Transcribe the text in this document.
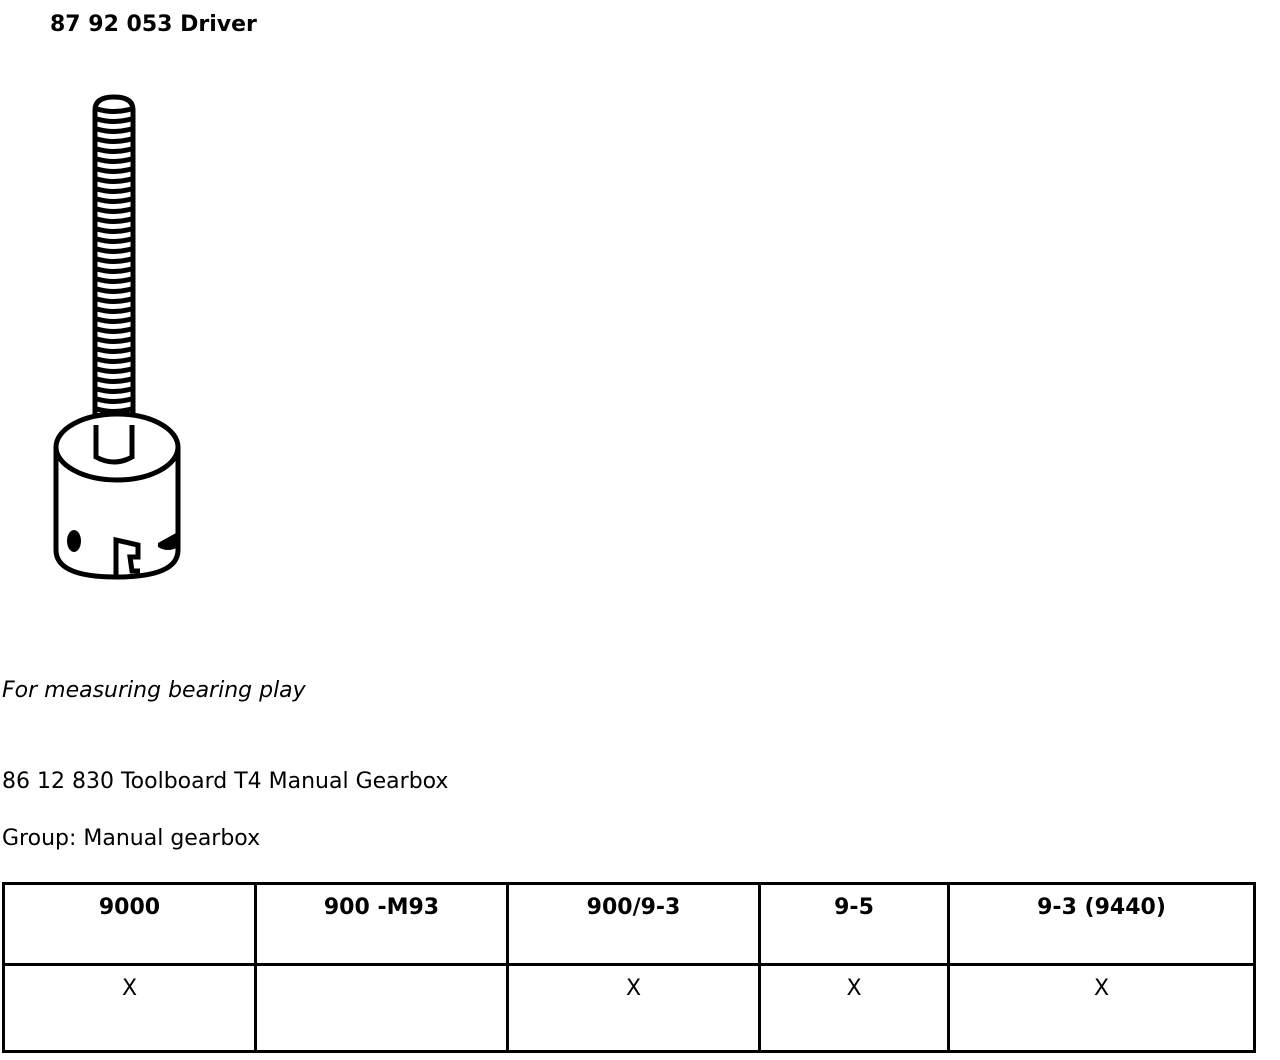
87 92 053 Driver
For measuring bearing play
86 12 830 Toolboard T4 Manual Gearbox
Group: Manual gearbox
9000	900 -M93	900/9-3	9-5	9-3 (9440)
X		X	X	X
